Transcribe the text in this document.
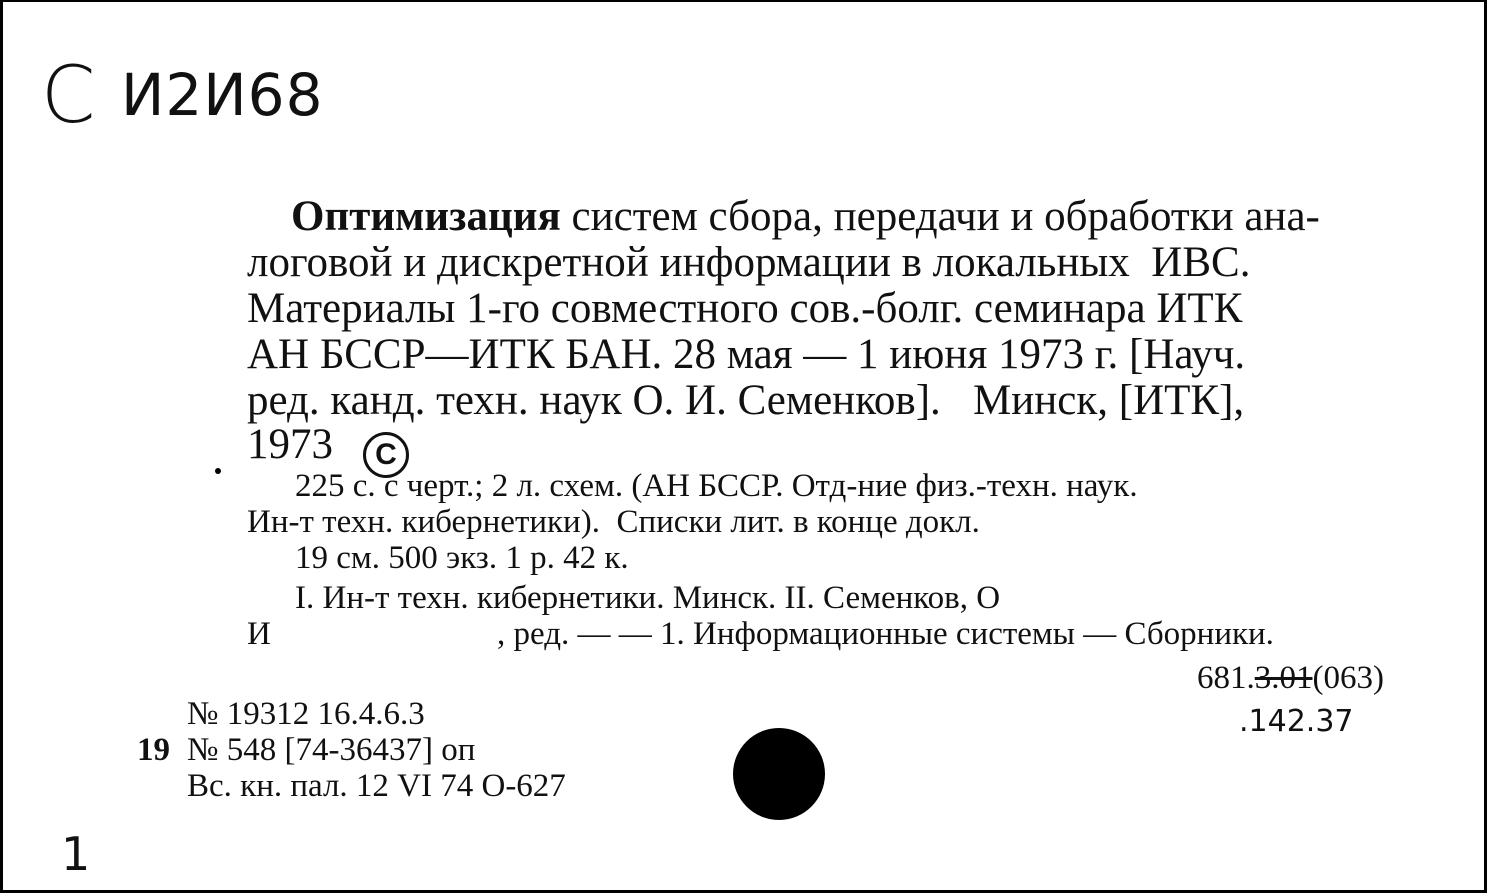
С И2И68
Оптимизация систем сбора, передачи и обработки ана-
логовой и дискретной информации в локальных  ИВС.
Материалы 1-го совместного сов.-болг. семинара ИТК
АН БССР—ИТК БАН. 28 мая — 1 июня 1973 г. [Науч.
ред. канд. техн. наук О. И. Семенков].   Минск, [ИТК],
1973 C
225 с. с черт.; 2 л. схем. (АН БССР. Отд-ние физ.-техн. наук.
Ин-т техн. кибернетики).  Списки лит. в конце докл.
19 см. 500 экз. 1 р. 42 к.
I. Ин-т техн. кибернетики. Минск. II. Семенков, О
И	, ред. — — 1. Информационные системы — Сборники.
681.3.01(063)
.142.37
№ 19312 16.4.6.3
19 № 548 [74-36437] оп
Вс. кн. пал. 12 VI 74 О-627
1
